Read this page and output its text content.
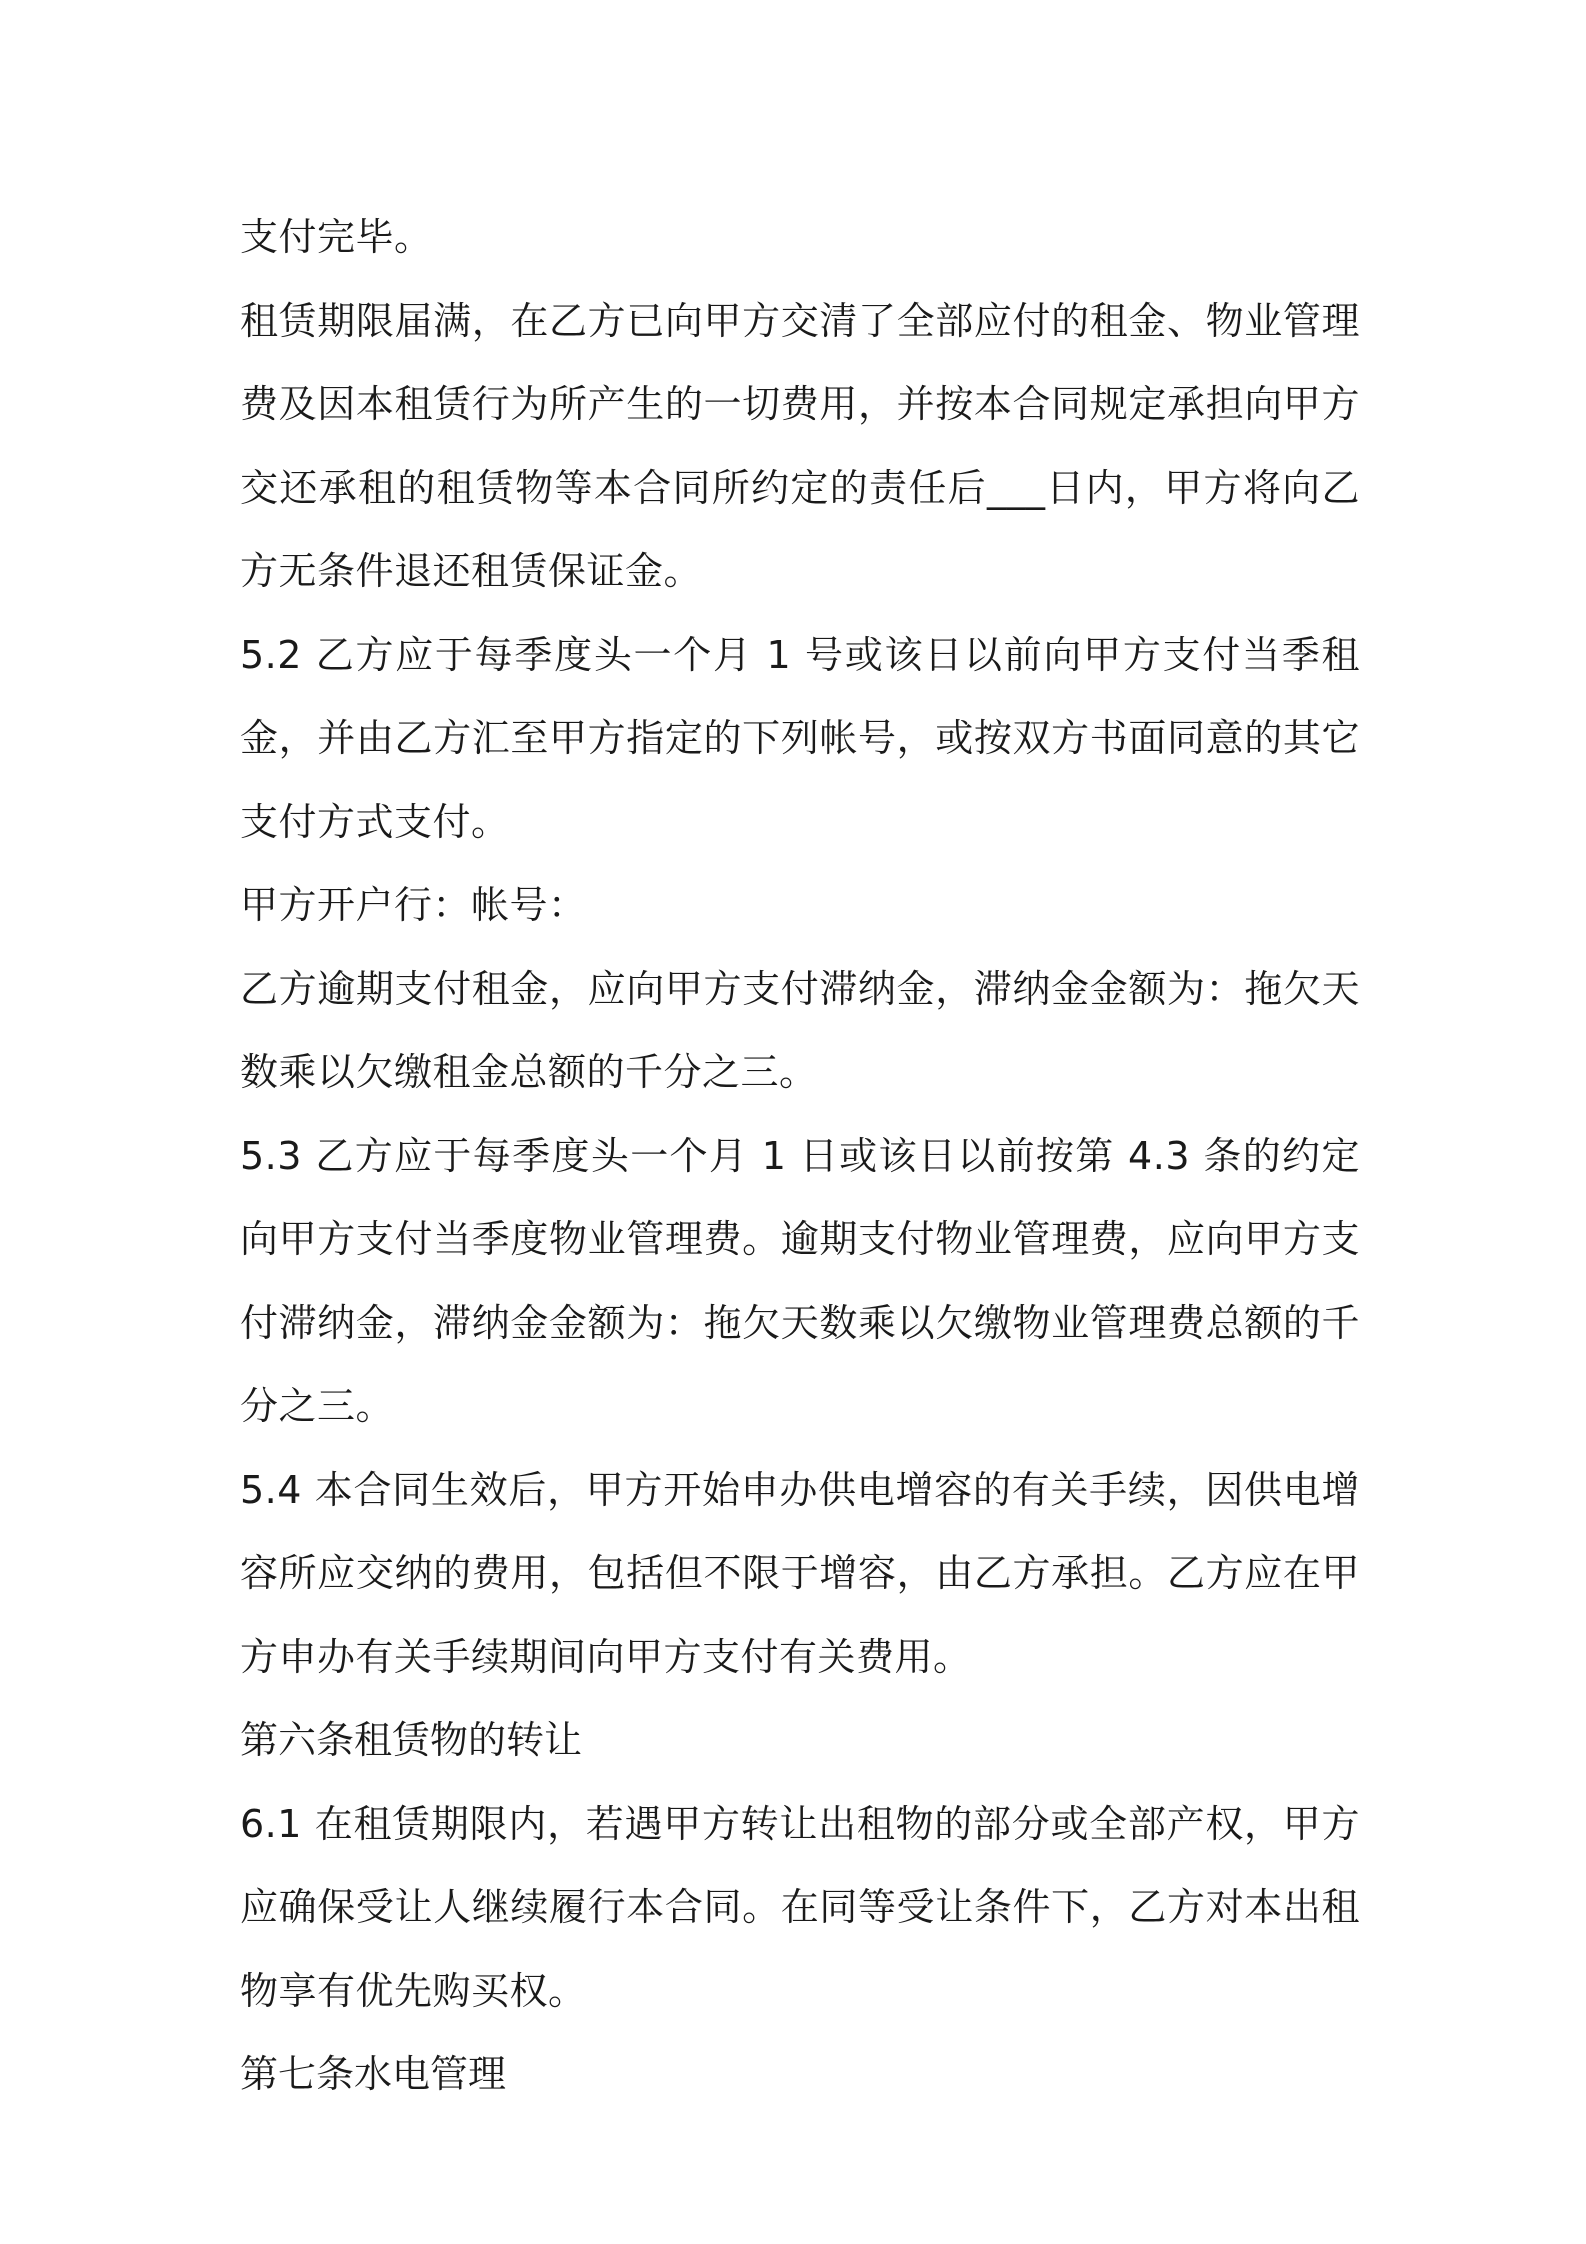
支付完毕。

租赁期限届满，在乙方已向甲方交清了全部应付的租金、物业管理费及因本租赁行为所产生的一切费用，并按本合同规定承担向甲方交还承租的租赁物等本合同所约定的责任后___日内，甲方将向乙方无条件退还租赁保证金。

5.2 乙方应于每季度头一个月 1 号或该日以前向甲方支付当季租金，并由乙方汇至甲方指定的下列帐号，或按双方书面同意的其它支付方式支付。

甲方开户行：帐号：

乙方逾期支付租金，应向甲方支付滞纳金，滞纳金金额为：拖欠天数乘以欠缴租金总额的千分之三。

5.3 乙方应于每季度头一个月 1 日或该日以前按第 4.3 条的约定向甲方支付当季度物业管理费。逾期支付物业管理费，应向甲方支付滞纳金，滞纳金金额为：拖欠天数乘以欠缴物业管理费总额的千分之三。

5.4 本合同生效后，甲方开始申办供电增容的有关手续，因供电增容所应交纳的费用，包括但不限于增容，由乙方承担。乙方应在甲方申办有关手续期间向甲方支付有关费用。

第六条租赁物的转让

6.1 在租赁期限内，若遇甲方转让出租物的部分或全部产权，甲方应确保受让人继续履行本合同。在同等受让条件下，乙方对本出租物享有优先购买权。

第七条水电管理
